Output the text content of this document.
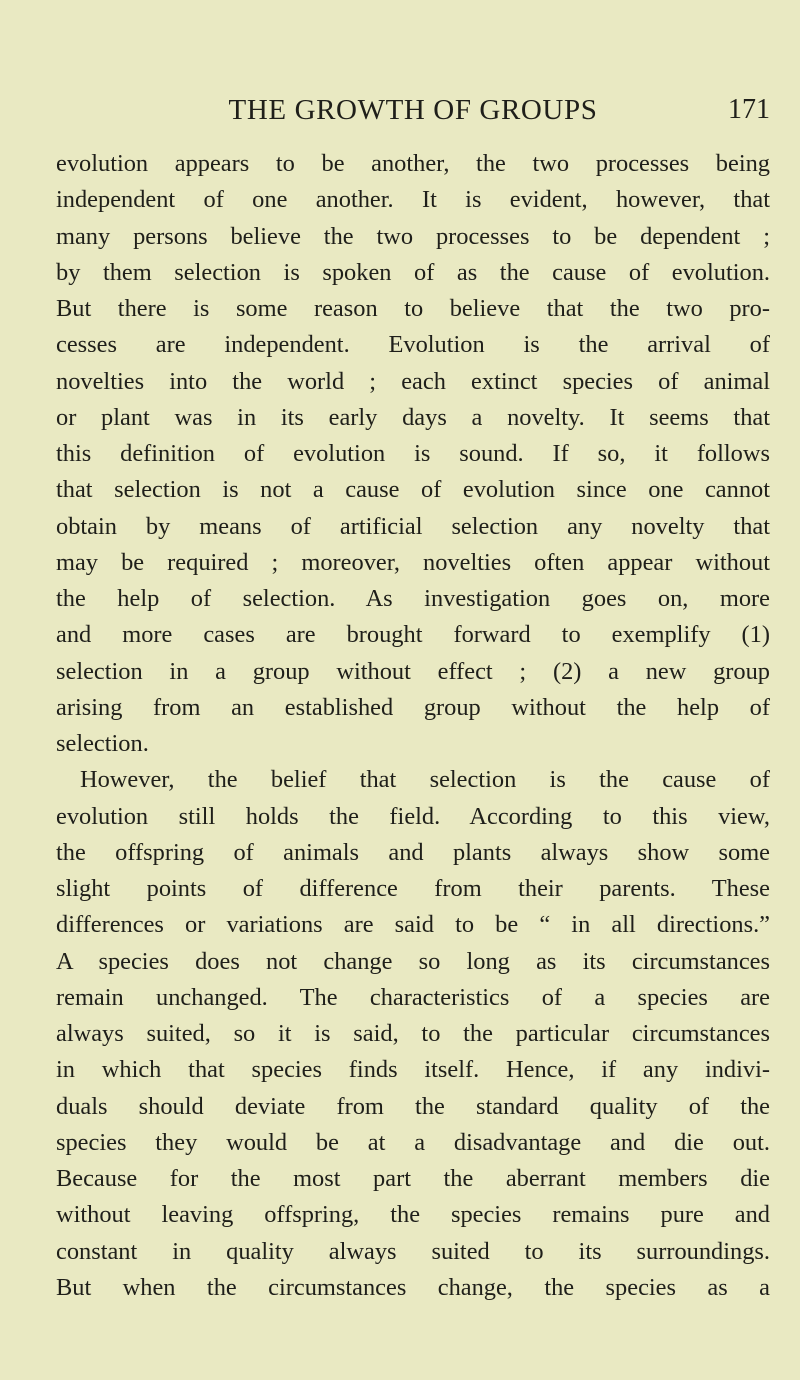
THE GROWTH OF GROUPS	171
evolution appears to be another, the two processes being
independent of one another. It is evident, however, that
many persons believe the two processes to be dependent ;
by them selection is spoken of as the cause of evolution.
But there is some reason to believe that the two pro-
cesses are independent. Evolution is the arrival of
novelties into the world ; each extinct species of animal
or plant was in its early days a novelty. It seems that
this definition of evolution is sound. If so, it follows
that selection is not a cause of evolution since one cannot
obtain by means of artificial selection any novelty that
may be required ; moreover, novelties often appear without
the help of selection. As investigation goes on, more
and more cases are brought forward to exemplify (1)
selection in a group without effect ; (2) a new group
arising from an established group without the help of
selection.
However, the belief that selection is the cause of
evolution still holds the field. According to this view,
the offspring of animals and plants always show some
slight points of difference from their parents. These
differences or variations are said to be “ in all directions.”
A species does not change so long as its circumstances
remain unchanged. The characteristics of a species are
always suited, so it is said, to the particular circumstances
in which that species finds itself. Hence, if any indivi-
duals should deviate from the standard quality of the
species they would be at a disadvantage and die out.
Because for the most part the aberrant members die
without leaving offspring, the species remains pure and
constant in quality always suited to its surroundings.
But when the circumstances change, the species as a
